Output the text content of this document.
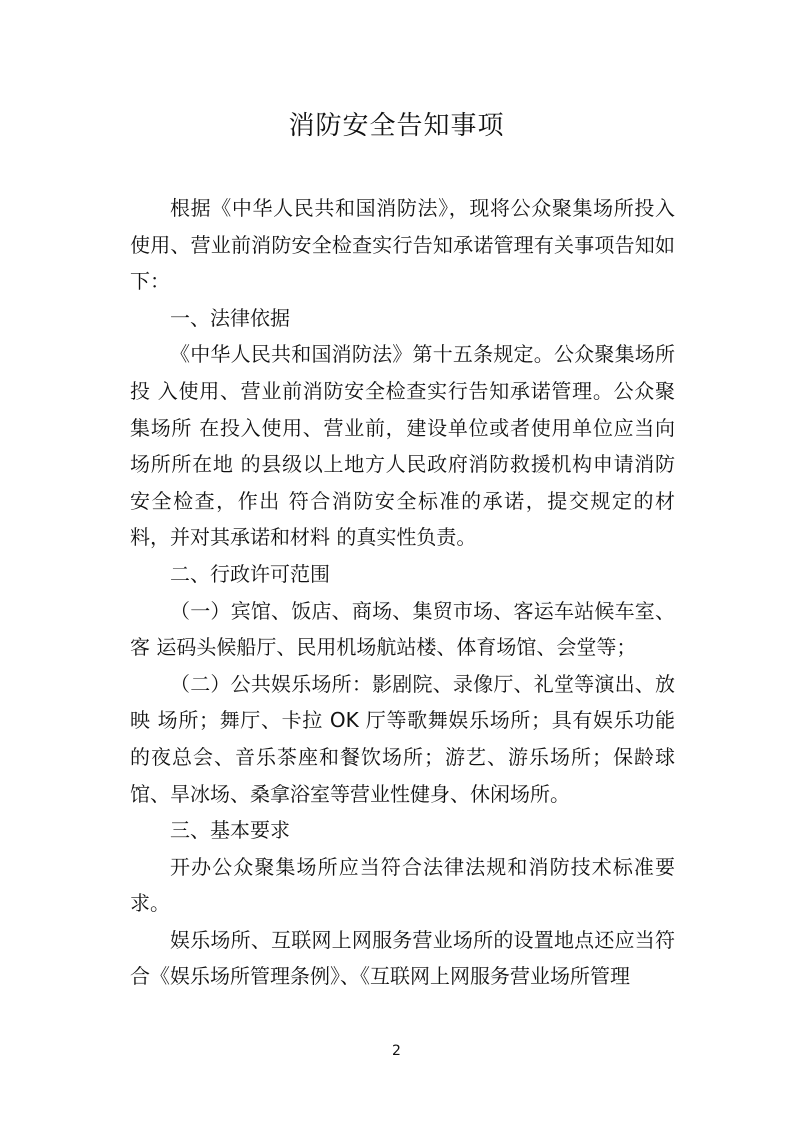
消防安全告知事项

根据《中华人民共和国消防法》，现将公众聚集场所投入使用、营业前消防安全检查实行告知承诺管理有关事项告知如下：

一、法律依据

《中华人民共和国消防法》第十五条规定。公众聚集场所投 入使用、营业前消防安全检查实行告知承诺管理。公众聚集场所 在投入使用、营业前，建设单位或者使用单位应当向场所所在地 的县级以上地方人民政府消防救援机构申请消防安全检查，作出 符合消防安全标准的承诺，提交规定的材料，并对其承诺和材料 的真实性负责。

二、行政许可范围

（一）宾馆、饭店、商场、集贸市场、客运车站候车室、客 运码头候船厅、民用机场航站楼、体育场馆、会堂等；

（二）公共娱乐场所：影剧院、录像厅、礼堂等演出、放映 场所；舞厅、卡拉 OK 厅等歌舞娱乐场所；具有娱乐功能的夜总会、音乐茶座和餐饮场所；游艺、游乐场所；保龄球馆、旱冰场、桑拿浴室等营业性健身、休闲场所。

三、基本要求

开办公众聚集场所应当符合法律法规和消防技术标准要求。

娱乐场所、互联网上网服务营业场所的设置地点还应当符合《娱乐场所管理条例》、《互联网上网服务营业场所管理

2
